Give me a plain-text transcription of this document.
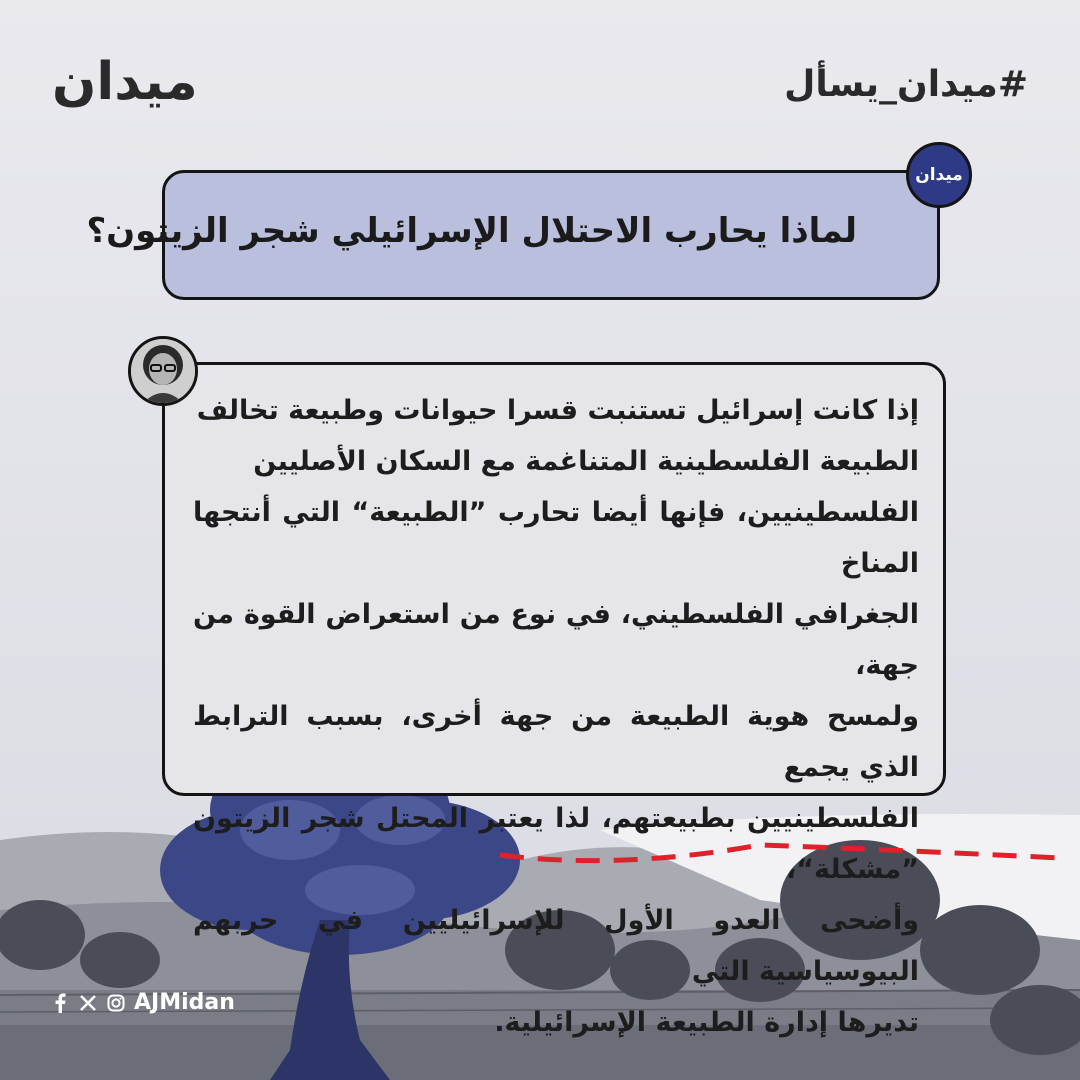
ميدان	#ميدان_يسأل
لماذا يحارب الاحتلال الإسرائيلي شجر الزيتون؟
ميدان
إذا كانت إسرائيل تستنبت قسرا حيوانات وطبيعة تخالف
الطبيعة الفلسطينية المتناغمة مع السكان الأصليين
الفلسطينيين، فإنها أيضا تحارب ”الطبيعة“ التي أنتجها المناخ
الجغرافي الفلسطيني، في نوع من استعراض القوة من جهة،
ولمسح هوية الطبيعة من جهة أخرى، بسبب الترابط الذي يجمع
الفلسطينيين بطبيعتهم، لذا يعتبر المحتل شجر الزيتون ”مشكلة“،
وأضحى العدو الأول للإسرائيليين في حربهم البيوسياسية التي
تديرها إدارة الطبيعة الإسرائيلية.
AJMidan
